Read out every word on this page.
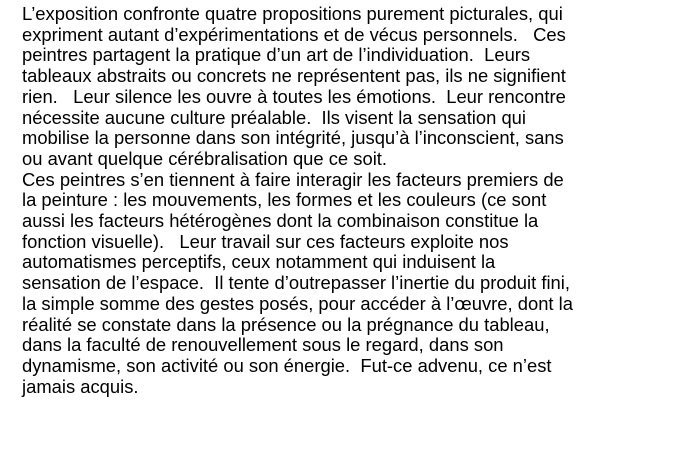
L’exposition confronte quatre propositions purement picturales, qui
expriment autant d’expérimentations et de vécus personnels.   Ces
peintres partagent la pratique d’un art de l’individuation.  Leurs
tableaux abstraits ou concrets ne représentent pas, ils ne signifient
rien.   Leur silence les ouvre à toutes les émotions.  Leur rencontre
nécessite aucune culture préalable.  Ils visent la sensation qui
mobilise la personne dans son intégrité, jusqu’à l’inconscient, sans
ou avant quelque cérébralisation que ce soit.
Ces peintres s’en tiennent à faire interagir les facteurs premiers de
la peinture : les mouvements, les formes et les couleurs (ce sont
aussi les facteurs hétérogènes dont la combinaison constitue la
fonction visuelle).   Leur travail sur ces facteurs exploite nos
automatismes perceptifs, ceux notamment qui induisent la
sensation de l’espace.  Il tente d’outrepasser l’inertie du produit fini,
la simple somme des gestes posés, pour accéder à l’œuvre, dont la
réalité se constate dans la présence ou la prégnance du tableau,
dans la faculté de renouvellement sous le regard, dans son
dynamisme, son activité ou son énergie.  Fut-ce advenu, ce n’est
jamais acquis.
